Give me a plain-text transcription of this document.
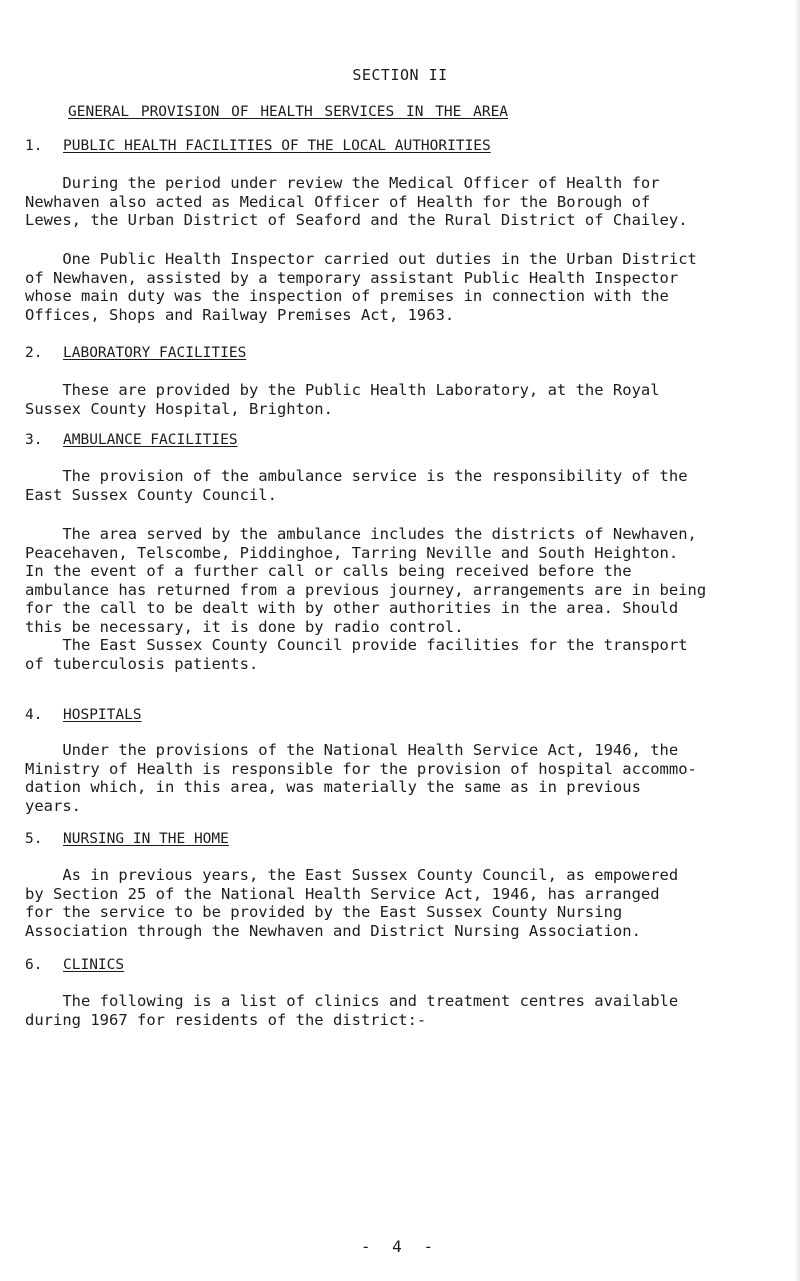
SECTION II
GENERAL PROVISION OF HEALTH SERVICES IN THE AREA
1. PUBLIC HEALTH FACILITIES OF THE LOCAL AUTHORITIES

During the period under review the Medical Officer of Health for
Newhaven also acted as Medical Officer of Health for the Borough of
Lewes, the Urban District of Seaford and the Rural District of Chailey.

One Public Health Inspector carried out duties in the Urban District
of Newhaven, assisted by a temporary assistant Public Health Inspector
whose main duty was the inspection of premises in connection with the
Offices, Shops and Railway Premises Act, 1963.

2. LABORATORY FACILITIES

These are provided by the Public Health Laboratory, at the Royal
Sussex County Hospital, Brighton.

3. AMBULANCE FACILITIES

The provision of the ambulance service is the responsibility of the
East Sussex County Council.

The area served by the ambulance includes the districts of Newhaven,
Peacehaven, Telscombe, Piddinghoe, Tarring Neville and South Heighton.
In the event of a further call or calls being received before the
ambulance has returned from a previous journey, arrangements are in being
for the call to be dealt with by other authorities in the area. Should
this be necessary, it is done by radio control.
The East Sussex County Council provide facilities for the transport
of tuberculosis patients.

4. HOSPITALS

Under the provisions of the National Health Service Act, 1946, the
Ministry of Health is responsible for the provision of hospital accommo-
dation which, in this area, was materially the same as in previous
years.

5. NURSING IN THE HOME

As in previous years, the East Sussex County Council, as empowered
by Section 25 of the National Health Service Act, 1946, has arranged
for the service to be provided by the East Sussex County Nursing
Association through the Newhaven and District Nursing Association.

6. CLINICS

The following is a list of clinics and treatment centres available
during 1967 for residents of the district:-

- 4 -
